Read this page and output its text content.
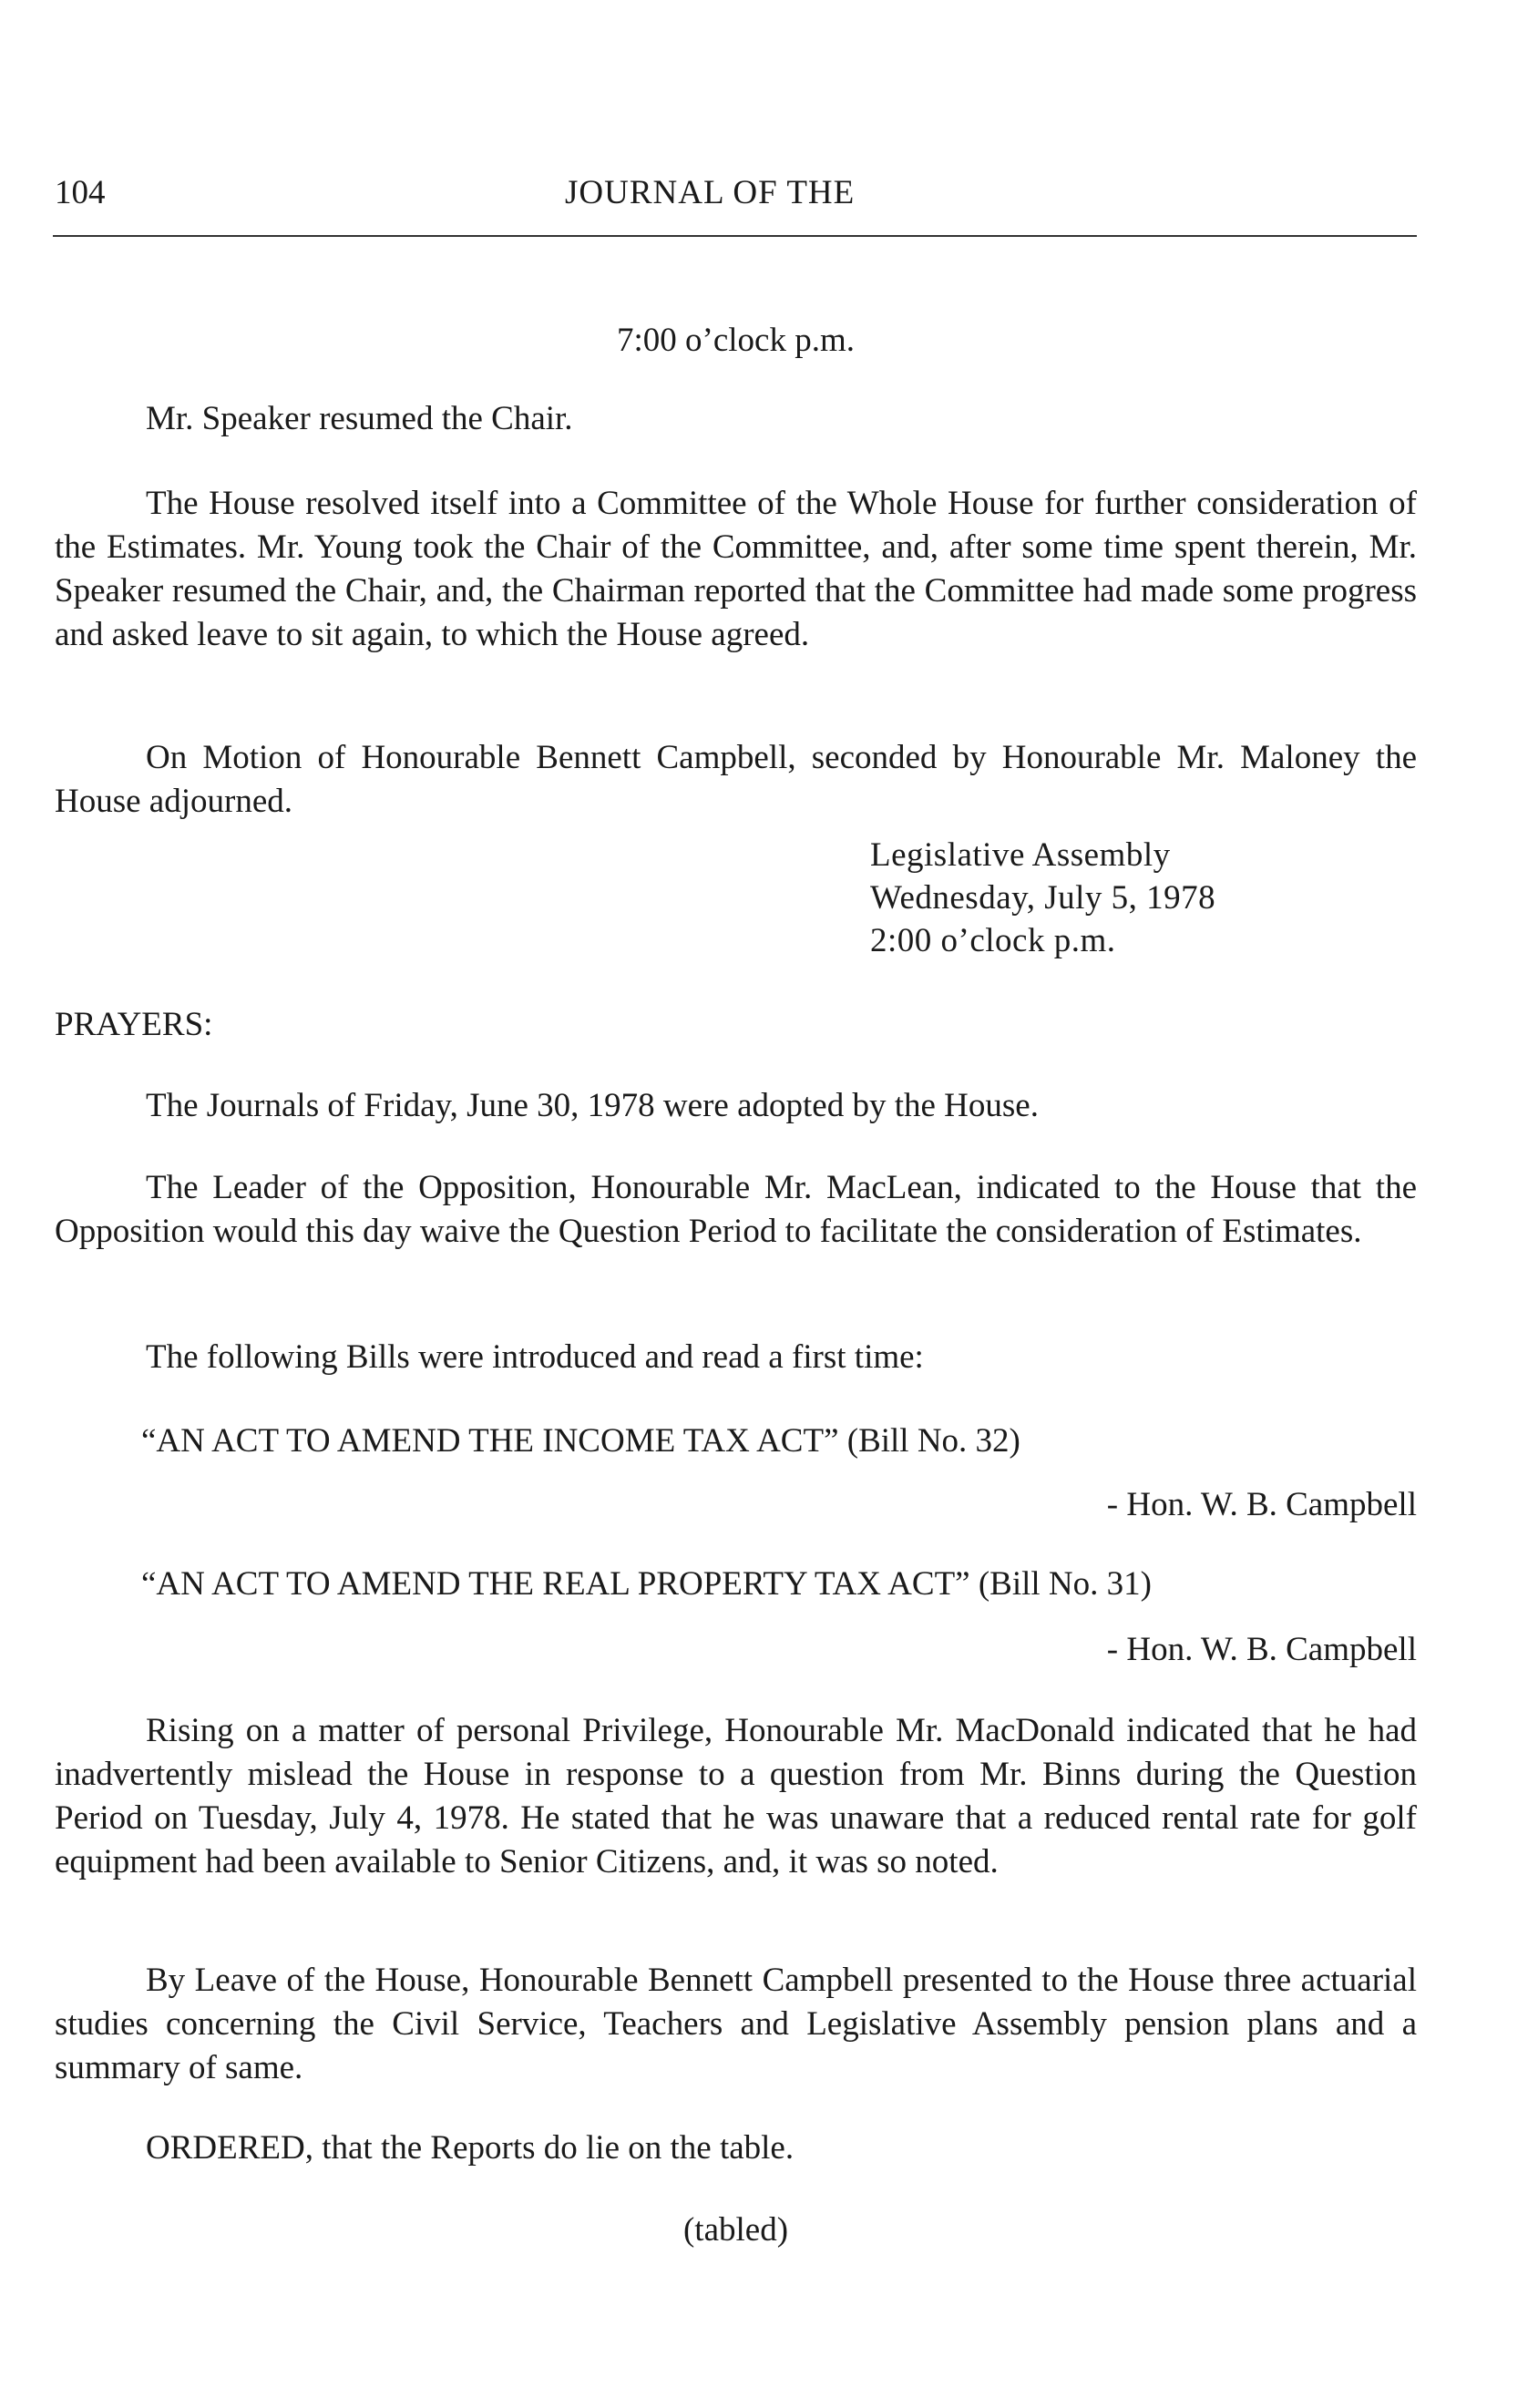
104	JOURNAL OF THE
7:00 o’clock p.m.
Mr. Speaker resumed the Chair.
The House resolved itself into a Committee of the Whole House for further consideration of the Estimates. Mr. Young took the Chair of the Committee, and, after some time spent therein, Mr. Speaker resumed the Chair, and, the Chairman reported that the Committee had made some progress and asked leave to sit again, to which the House agreed.
On Motion of Honourable Bennett Campbell, seconded by Honourable Mr. Maloney the House adjourned.
Legislative Assembly
Wednesday, July 5, 1978
2:00 o’clock p.m.
PRAYERS:
The Journals of Friday, June 30, 1978 were adopted by the House.
The Leader of the Opposition, Honourable Mr. MacLean, indicated to the House that the Opposition would this day waive the Question Period to facilitate the consideration of Estimates.
The following Bills were introduced and read a first time:
“AN ACT TO AMEND THE INCOME TAX ACT” (Bill No. 32)
- Hon. W. B. Campbell
“AN ACT TO AMEND THE REAL PROPERTY TAX ACT” (Bill No. 31)
- Hon. W. B. Campbell
Rising on a matter of personal Privilege, Honourable Mr. MacDonald indicated that he had inadvertently mislead the House in response to a question from Mr. Binns during the Question Period on Tuesday, July 4, 1978. He stated that he was unaware that a reduced rental rate for golf equipment had been available to Senior Citizens, and, it was so noted.
By Leave of the House, Honourable Bennett Campbell presented to the House three actuarial studies concerning the Civil Service, Teachers and Legislative Assembly pension plans and a summary of same.
ORDERED, that the Reports do lie on the table.
(tabled)
